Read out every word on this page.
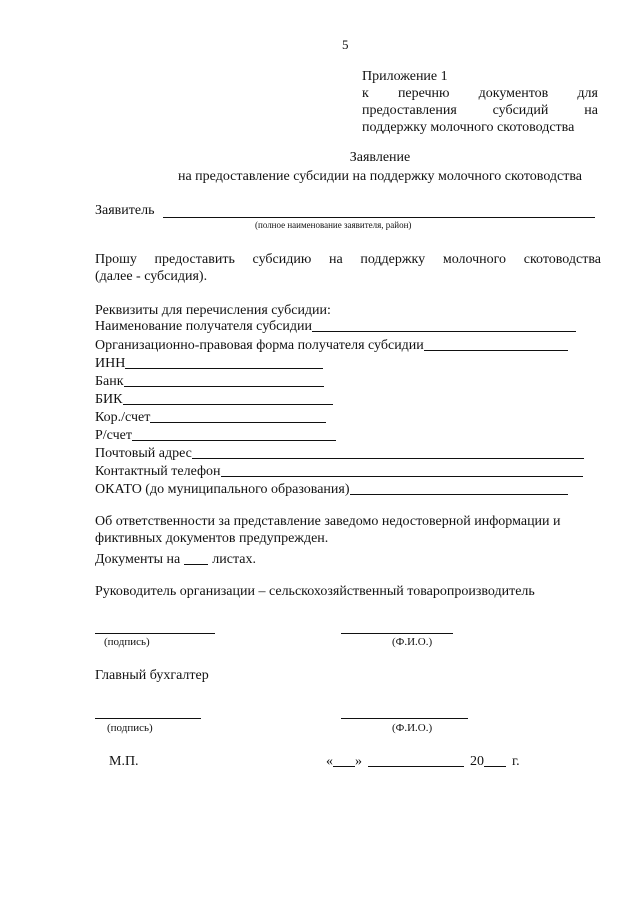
5
Приложение 1
к перечню документов для
предоставления	субсидий	на
поддержку молочного скотоводства
Заявление
на предоставление субсидии на поддержку молочного скотоводства
Заявитель
(полное наименование заявителя, район)
Прошу предоставить субсидию на поддержку молочного скотоводства
(далее - субсидия).
Реквизиты для перечисления субсидии:
Наименование получателя субсидии
Организационно-правовая форма получателя субсидии
ИНН
Банк
БИК
Кор./счет
Р/счет
Почтовый адрес
Контактный телефон
ОКАТО (до муниципального образования)
Об ответственности за представление заведомо недостоверной информации и
фиктивных документов предупрежден.
Документы на листах.
Руководитель организации – сельскохозяйственный товаропроизводитель
(подпись)	(Ф.И.О.)
Главный бухгалтер
(подпись)	(Ф.И.О.)
М.П.	« »	20 г.
